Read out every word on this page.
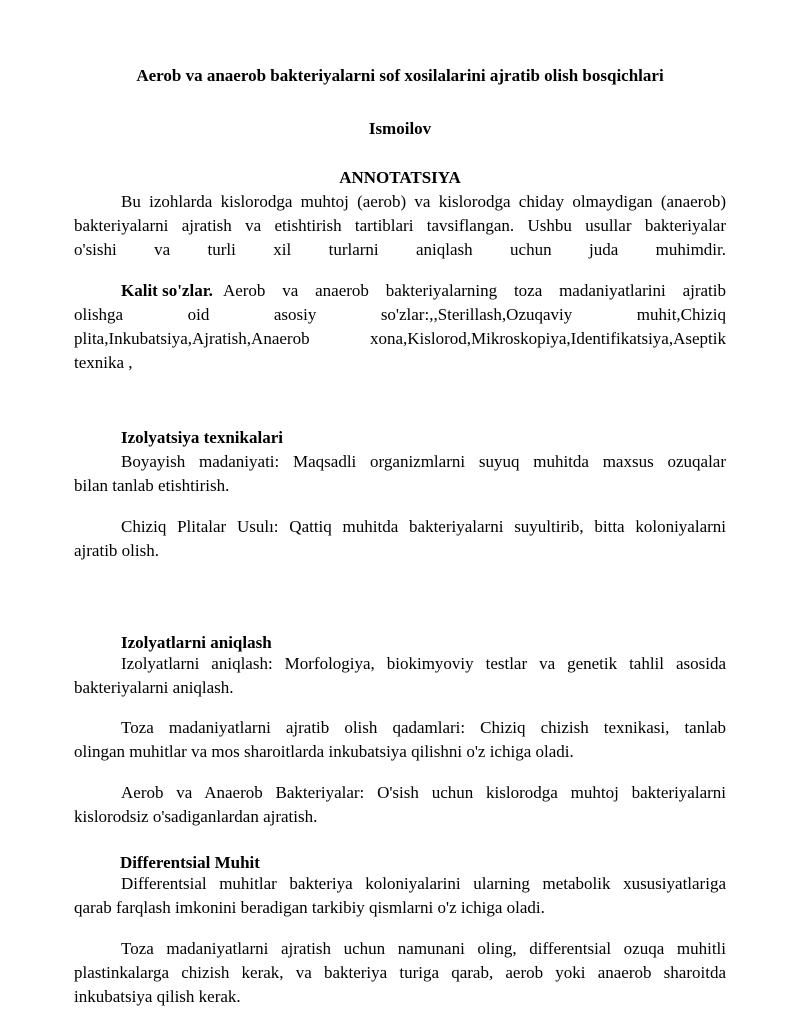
Aerob va anaerob bakteriyalarni sof xosilalarini ajratib olish bosqichlari
Ismoilov
ANNOTATSIYA
Bu izohlarda kislorodga muhtoj (aerob) va kislorodga chiday olmaydigan (anaerob)
bakteriyalarni ajratish va etishtirish tartiblari tavsiflangan. Ushbu usullar bakteriyalar
o'sishi va turli xil turlarni aniqlash uchun juda muhimdir.
Kalit so'zlar. Aerob va anaerob bakteriyalarning toza madaniyatlarini ajratib
olishga oid asosiy so'zlar:,,Sterillash,Ozuqaviy muhit,Chiziq
plita,Inkubatsiya,Ajratish,Anaerob xona,Kislorod,Mikroskopiya,Identifikatsiya,Aseptik
texnika ,
Izolyatsiya texnikalari
Boyayish madaniyati: Maqsadli organizmlarni suyuq muhitda maxsus ozuqalar
bilan tanlab etishtirish.
Chiziq Plitalar Usulı: Qattiq muhitda bakteriyalarni suyultirib, bitta koloniyalarni
ajratib olish.
Izolyatlarni aniqlash
Izolyatlarni aniqlash: Morfologiya, biokimyoviy testlar va genetik tahlil asosida
bakteriyalarni aniqlash.
Toza madaniyatlarni ajratib olish qadamlari: Chiziq chizish texnikasi, tanlab
olingan muhitlar va mos sharoitlarda inkubatsiya qilishni o'z ichiga oladi.
Aerob va Anaerob Bakteriyalar: O'sish uchun kislorodga muhtoj bakteriyalarni
kislorodsiz o'sadiganlardan ajratish.
Differentsial Muhit
Differentsial muhitlar bakteriya koloniyalarini ularning metabolik xususiyatlariga
qarab farqlash imkonini beradigan tarkibiy qismlarni o'z ichiga oladi.
Toza madaniyatlarni ajratish uchun namunani oling, differentsial ozuqa muhitli
plastinkalarga chizish kerak, va bakteriya turiga qarab, aerob yoki anaerob sharoitda
inkubatsiya qilish kerak.
